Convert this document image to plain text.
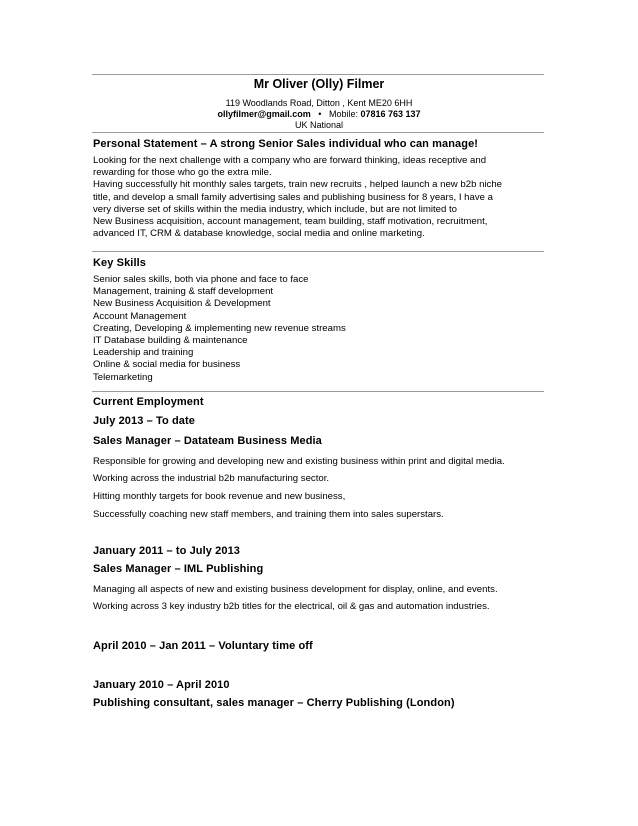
Mr Oliver (Olly) Filmer
119 Woodlands Road, Ditton , Kent ME20 6HH
ollyfilmer@gmail.com • Mobile: 07816 763 137
UK National
Personal Statement – A strong Senior Sales individual who can manage!
Looking for the next challenge with a company who are forward thinking, ideas receptive and
rewarding for those who go the extra mile.
Having successfully hit monthly sales targets, train new recruits , helped launch a new b2b niche
title, and develop a small family advertising sales and publishing business for 8 years, I have a
very diverse set of skills within the media industry, which include, but are not limited to
New Business acquisition, account management, team building, staff motivation, recruitment,
advanced IT, CRM & database knowledge, social media and online marketing.
Key Skills
Senior sales skills, both via phone and face to face
Management, training & staff development
New Business Acquisition & Development
Account Management
Creating, Developing & implementing new revenue streams
IT Database building & maintenance
Leadership and training
Online & social media for business
Telemarketing
Current Employment
July 2013 – To date
Sales Manager – Datateam Business Media
Responsible for growing and developing new and existing business within print and digital media.
Working across the industrial b2b manufacturing sector.
Hitting monthly targets for book revenue and new business,
Successfully coaching new staff members, and training them into sales superstars.
January 2011 – to July 2013
Sales Manager – IML Publishing
Managing all aspects of new and existing business development for display, online, and events.
Working across 3 key industry b2b titles for the electrical, oil & gas and automation industries.
April 2010 – Jan 2011 – Voluntary time off
January 2010 – April 2010
Publishing consultant, sales manager – Cherry Publishing (London)
